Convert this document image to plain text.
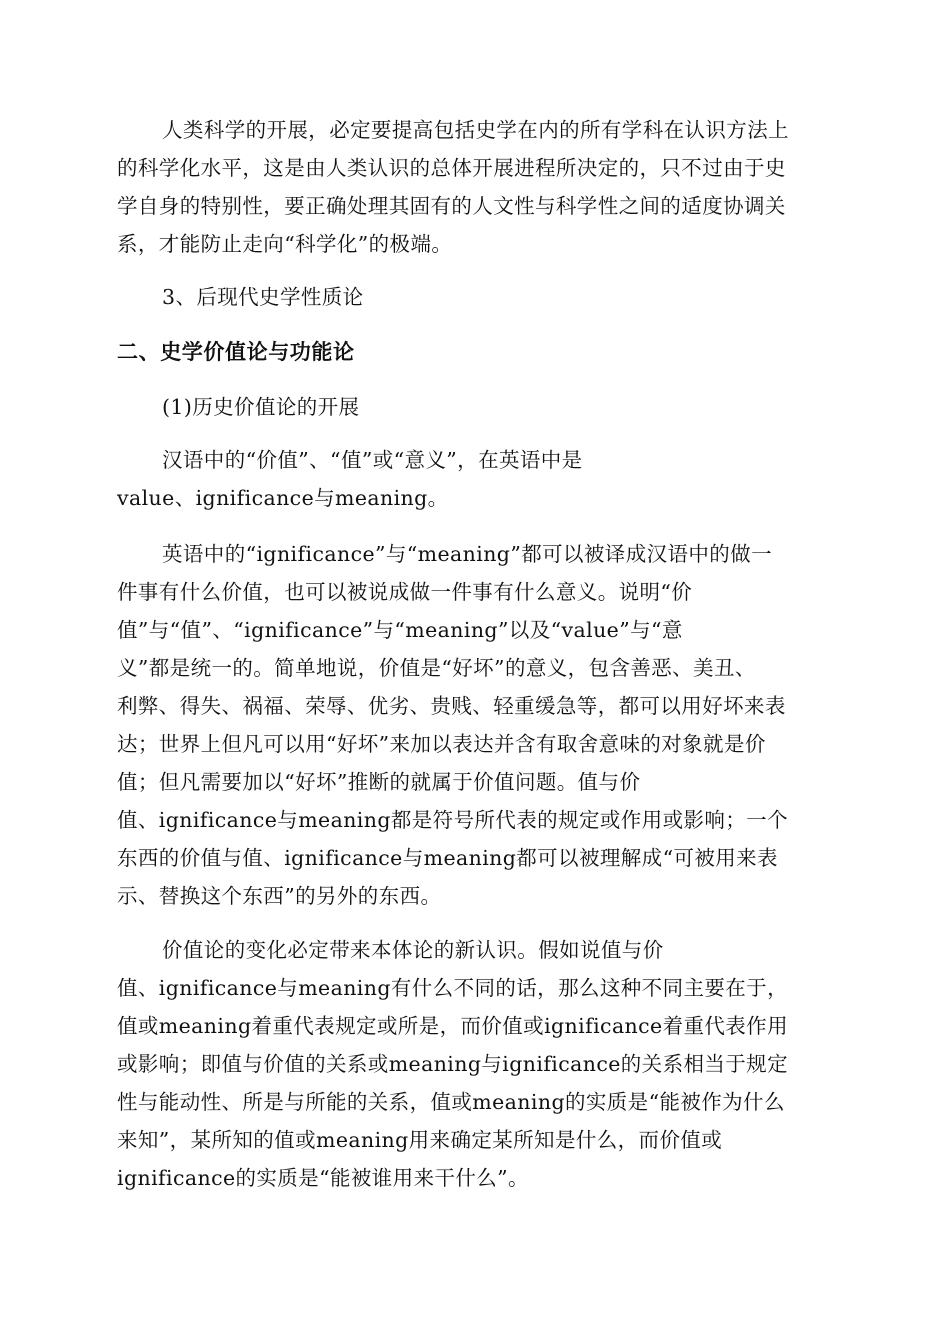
人类科学的开展，必定要提高包括史学在内的所有学科在认识方法上
的科学化水平，这是由人类认识的总体开展进程所决定的，只不过由于史
学自身的特别性，要正确处理其固有的人文性与科学性之间的适度协调关
系，才能防止走向“科学化”的极端。
3、后现代史学性质论
二、史学价值论与功能论
(1)历史价值论的开展
汉语中的“价值”、“值”或“意义”，在英语中是
value、ignificance与meaning。
英语中的“ignificance”与“meaning”都可以被译成汉语中的做一
件事有什么价值，也可以被说成做一件事有什么意义。说明“价
值”与“值”、“ignificance”与“meaning”以及“value”与“意
义”都是统一的。简单地说，价值是“好坏”的意义，包含善恶、美丑、
利弊、得失、祸福、荣辱、优劣、贵贱、轻重缓急等，都可以用好坏来表
达；世界上但凡可以用“好坏”来加以表达并含有取舍意味的对象就是价
值；但凡需要加以“好坏”推断的就属于价值问题。值与价
值、ignificance与meaning都是符号所代表的规定或作用或影响；一个
东西的价值与值、ignificance与meaning都可以被理解成“可被用来表
示、替换这个东西”的另外的东西。
价值论的变化必定带来本体论的新认识。假如说值与价
值、ignificance与meaning有什么不同的话，那么这种不同主要在于，
值或meaning着重代表规定或所是，而价值或ignificance着重代表作用
或影响；即值与价值的关系或meaning与ignificance的关系相当于规定
性与能动性、所是与所能的关系，值或meaning的实质是“能被作为什么
来知”，某所知的值或meaning用来确定某所知是什么，而价值或
ignificance的实质是“能被谁用来干什么”。
